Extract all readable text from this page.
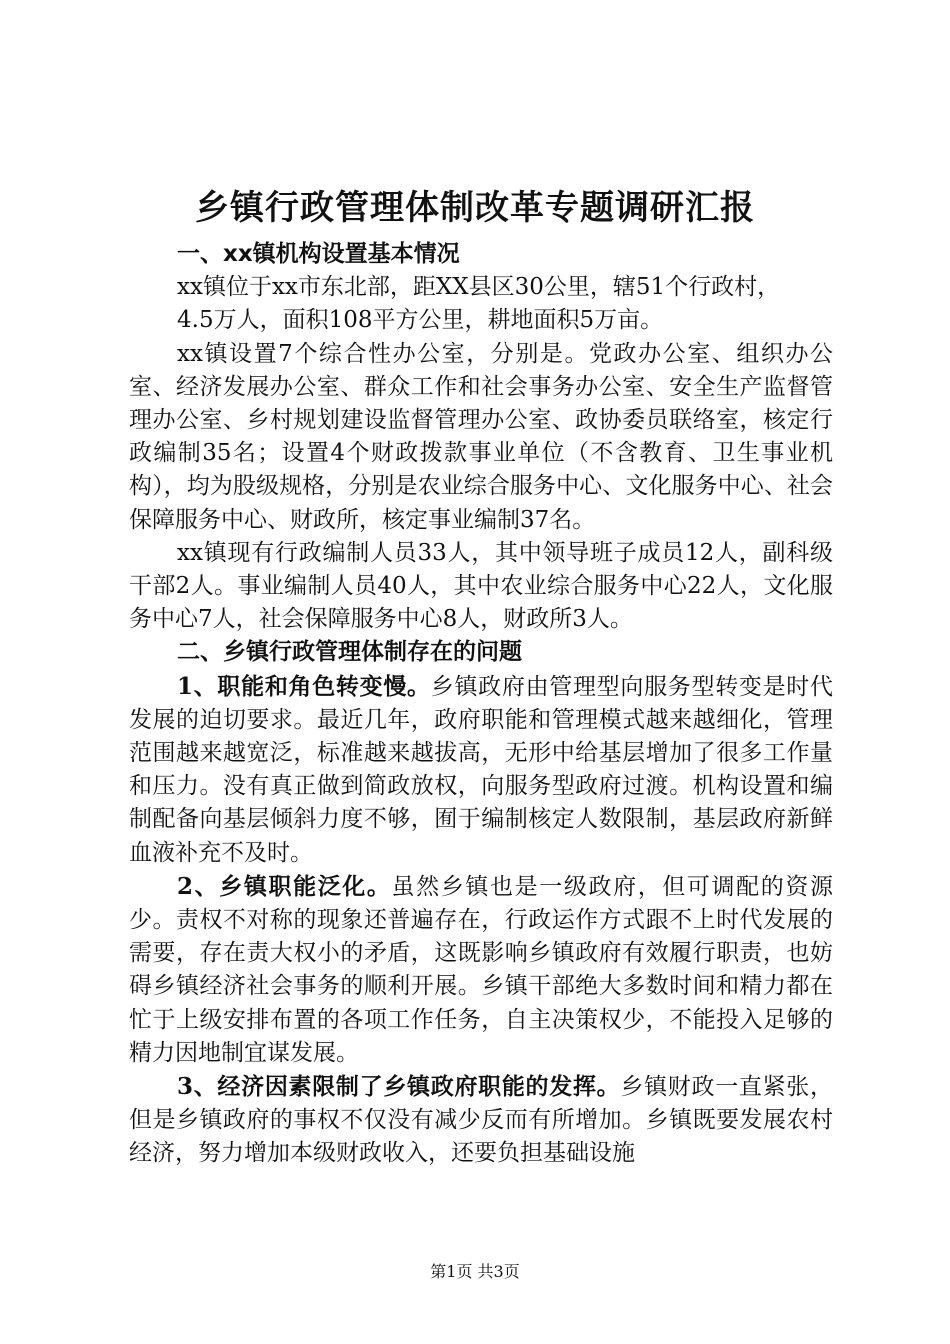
乡镇行政管理体制改革专题调研汇报

一、xx镇机构设置基本情况

xx镇位于xx市东北部，距XX县区30公里，辖51个行政村，

4.5万人，面积108平方公里，耕地面积5万亩。

xx镇设置7个综合性办公室，分别是。党政办公室、组织办公室、经济发展办公室、群众工作和社会事务办公室、安全生产监督管理办公室、乡村规划建设监督管理办公室、政协委员联络室，核定行政编制35名；设置4个财政拨款事业单位（不含教育、卫生事业机构），均为股级规格，分别是农业综合服务中心、文化服务中心、社会保障服务中心、财政所，核定事业编制37名。

xx镇现有行政编制人员33人，其中领导班子成员12人，副科级干部2人。事业编制人员40人，其中农业综合服务中心22人，文化服务中心7人，社会保障服务中心8人，财政所3人。

二、乡镇行政管理体制存在的问题

1、职能和角色转变慢。乡镇政府由管理型向服务型转变是时代发展的迫切要求。最近几年，政府职能和管理模式越来越细化，管理范围越来越宽泛，标准越来越拔高，无形中给基层增加了很多工作量和压力。没有真正做到简政放权，向服务型政府过渡。机构设置和编制配备向基层倾斜力度不够，囿于编制核定人数限制，基层政府新鲜血液补充不及时。

2、乡镇职能泛化。虽然乡镇也是一级政府，但可调配的资源少。责权不对称的现象还普遍存在，行政运作方式跟不上时代发展的需要，存在责大权小的矛盾，这既影响乡镇政府有效履行职责，也妨碍乡镇经济社会事务的顺利开展。乡镇干部绝大多数时间和精力都在忙于上级安排布置的各项工作任务，自主决策权少，不能投入足够的精力因地制宜谋发展。

3、经济因素限制了乡镇政府职能的发挥。乡镇财政一直紧张，但是乡镇政府的事权不仅没有减少反而有所增加。乡镇既要发展农村经济，努力增加本级财政收入，还要负担基础设施

第1页 共3页
